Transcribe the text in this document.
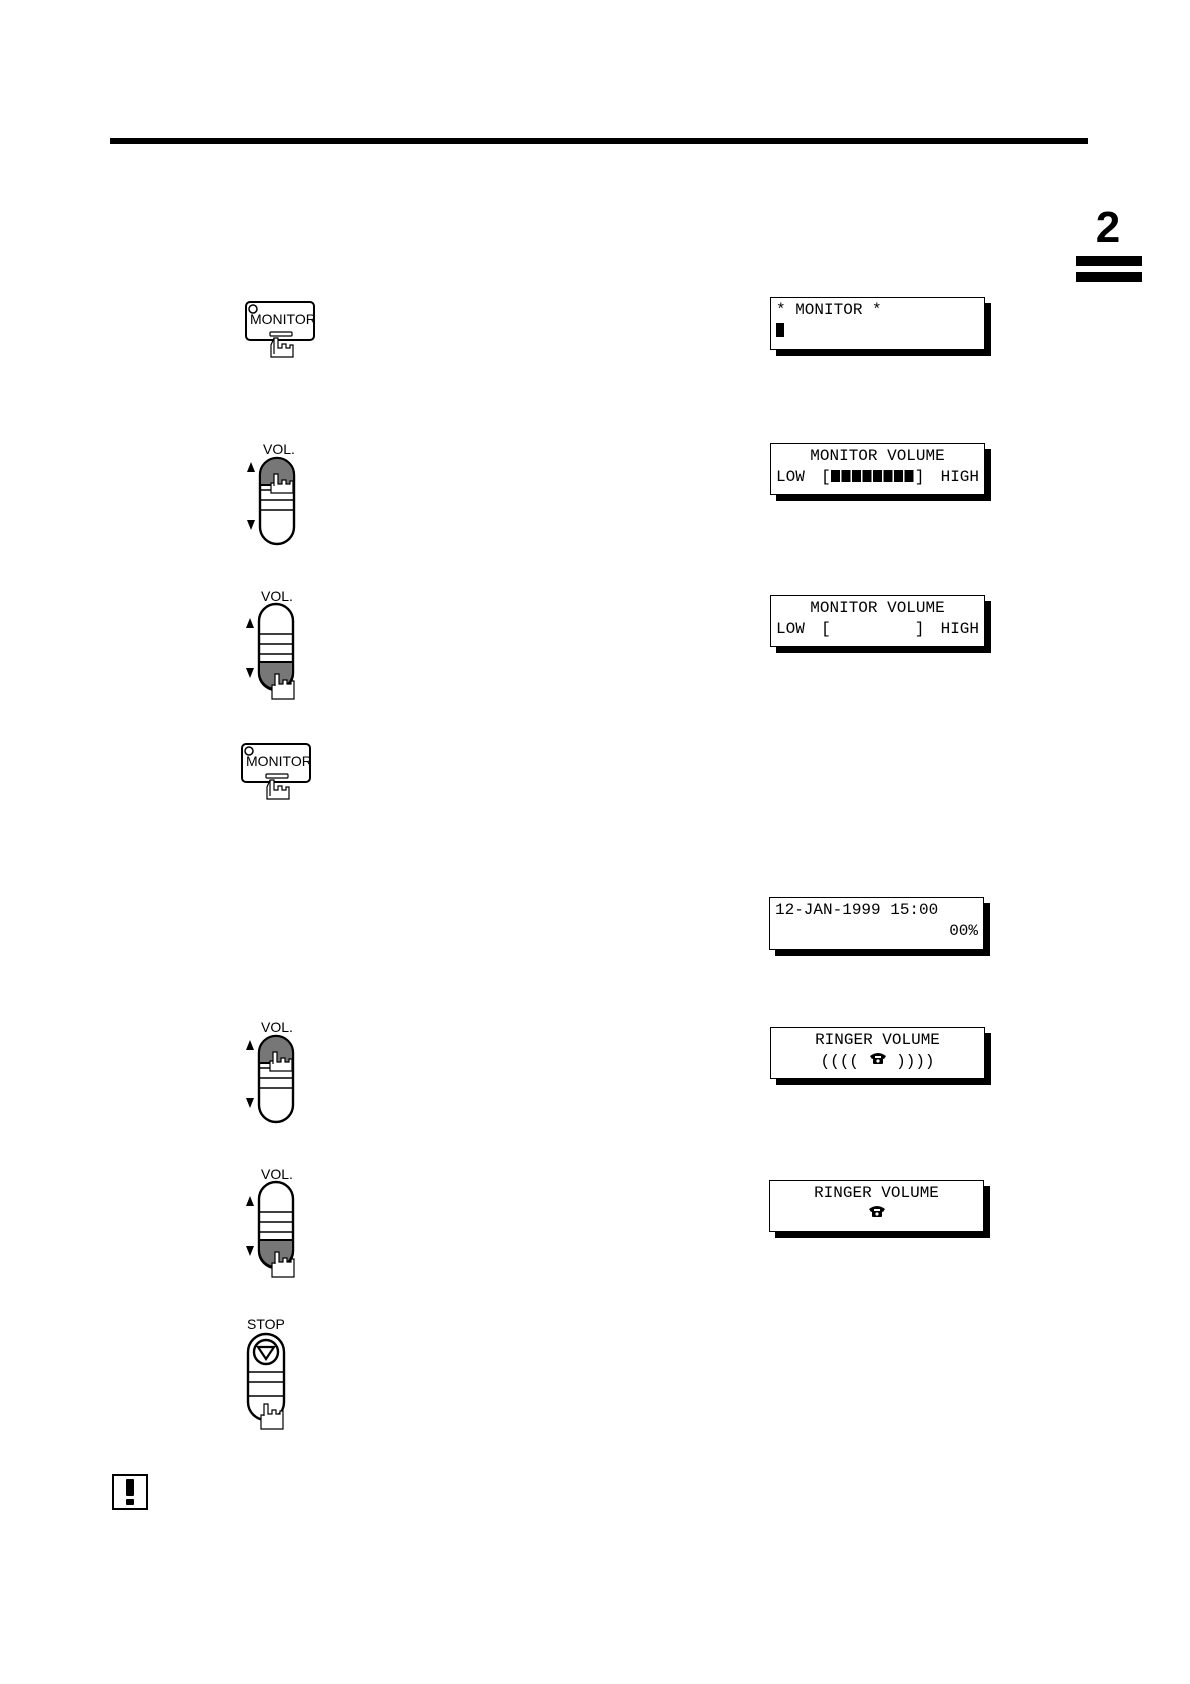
2
MONITOR	* MONITOR *
VOL.	MONITOR VOLUME
LOW [	] HIGH
VOL.
MONITOR VOLUME
LOW [	] HIGH
MONITOR
12-JAN-1999 15:00
00%
VOL.
RINGER VOLUME
(((( ))))
VOL.
RINGER VOLUME
STOP
